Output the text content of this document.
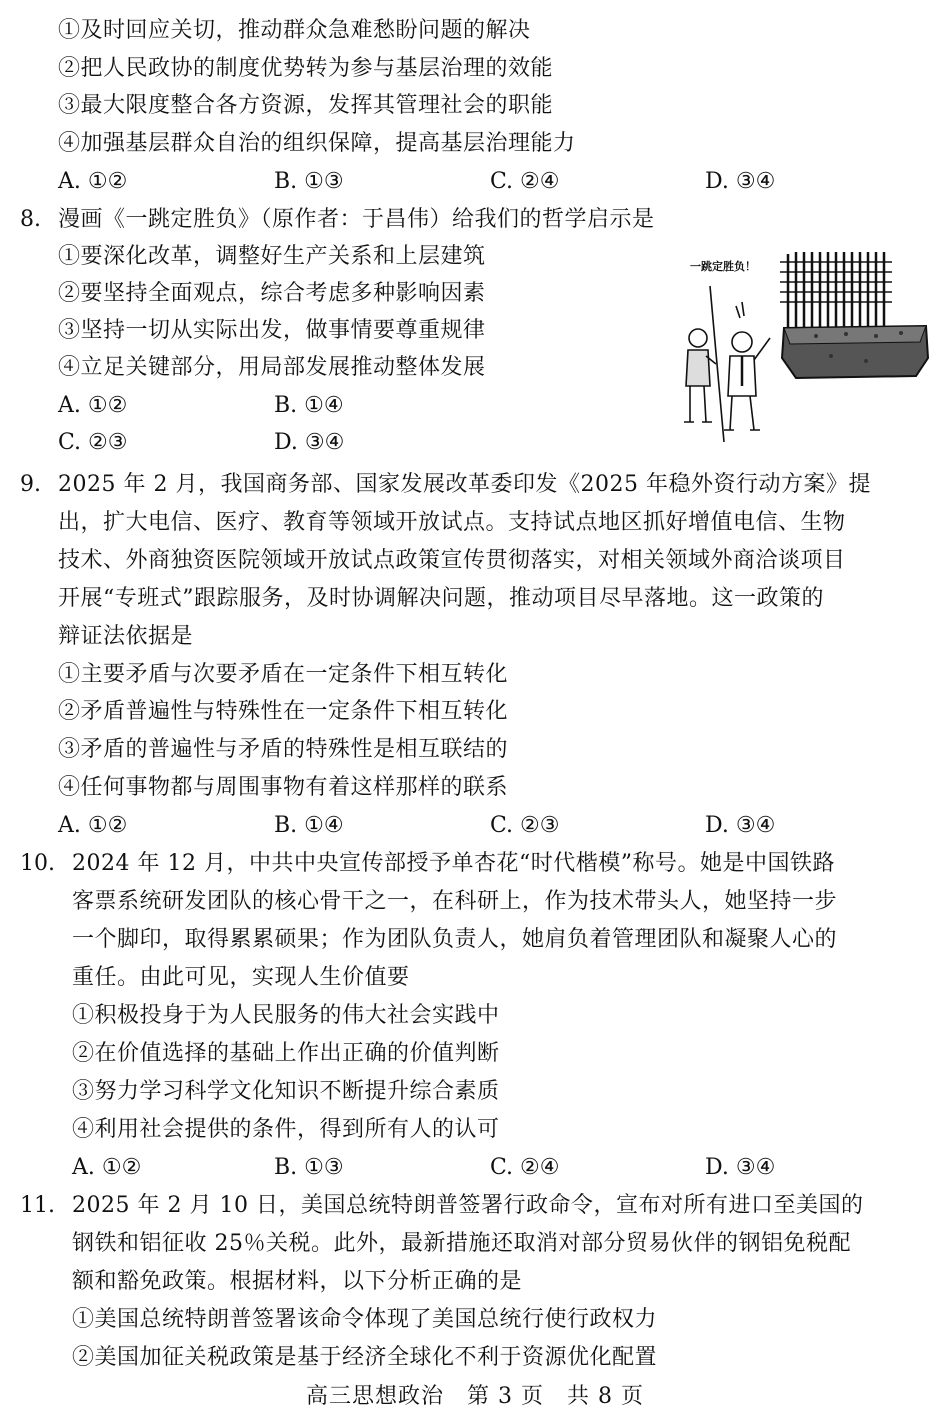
①及时回应关切，推动群众急难愁盼问题的解决
②把人民政协的制度优势转为参与基层治理的效能
③最大限度整合各方资源，发挥其管理社会的职能
④加强基层群众自治的组织保障，提高基层治理能力
A. ①②	B. ①③	C. ②④	D. ③④
8. 漫画《一跳定胜负》（原作者：于昌伟）给我们的哲学启示是
①要深化改革，调整好生产关系和上层建筑
②要坚持全面观点，综合考虑多种影响因素
③坚持一切从实际出发，做事情要尊重规律
④立足关键部分，用局部发展推动整体发展
A. ①②	B. ①④
C. ②③	D. ③④
一跳定胜负！
9. 2025 年 2 月，我国商务部、国家发展改革委印发《2025 年稳外资行动方案》提
出，扩大电信、医疗、教育等领域开放试点。支持试点地区抓好增值电信、生物
技术、外商独资医院领域开放试点政策宣传贯彻落实，对相关领域外商洽谈项目
开展“专班式”跟踪服务，及时协调解决问题，推动项目尽早落地。这一政策的
辩证法依据是
①主要矛盾与次要矛盾在一定条件下相互转化
②矛盾普遍性与特殊性在一定条件下相互转化
③矛盾的普遍性与矛盾的特殊性是相互联结的
④任何事物都与周围事物有着这样那样的联系
A. ①②	B. ①④	C. ②③	D. ③④
10. 2024 年 12 月，中共中央宣传部授予单杏花“时代楷模”称号。她是中国铁路
客票系统研发团队的核心骨干之一，在科研上，作为技术带头人，她坚持一步
一个脚印，取得累累硕果；作为团队负责人，她肩负着管理团队和凝聚人心的
重任。由此可见，实现人生价值要
①积极投身于为人民服务的伟大社会实践中
②在价值选择的基础上作出正确的价值判断
③努力学习科学文化知识不断提升综合素质
④利用社会提供的条件，得到所有人的认可
A. ①②	B. ①③	C. ②④	D. ③④
11. 2025 年 2 月 10 日，美国总统特朗普签署行政命令，宣布对所有进口至美国的
钢铁和铝征收 25％关税。此外，最新措施还取消对部分贸易伙伴的钢铝免税配
额和豁免政策。根据材料，以下分析正确的是
①美国总统特朗普签署该命令体现了美国总统行使行政权力
②美国加征关税政策是基于经济全球化不利于资源优化配置
高三思想政治　第 3 页　共 8 页
